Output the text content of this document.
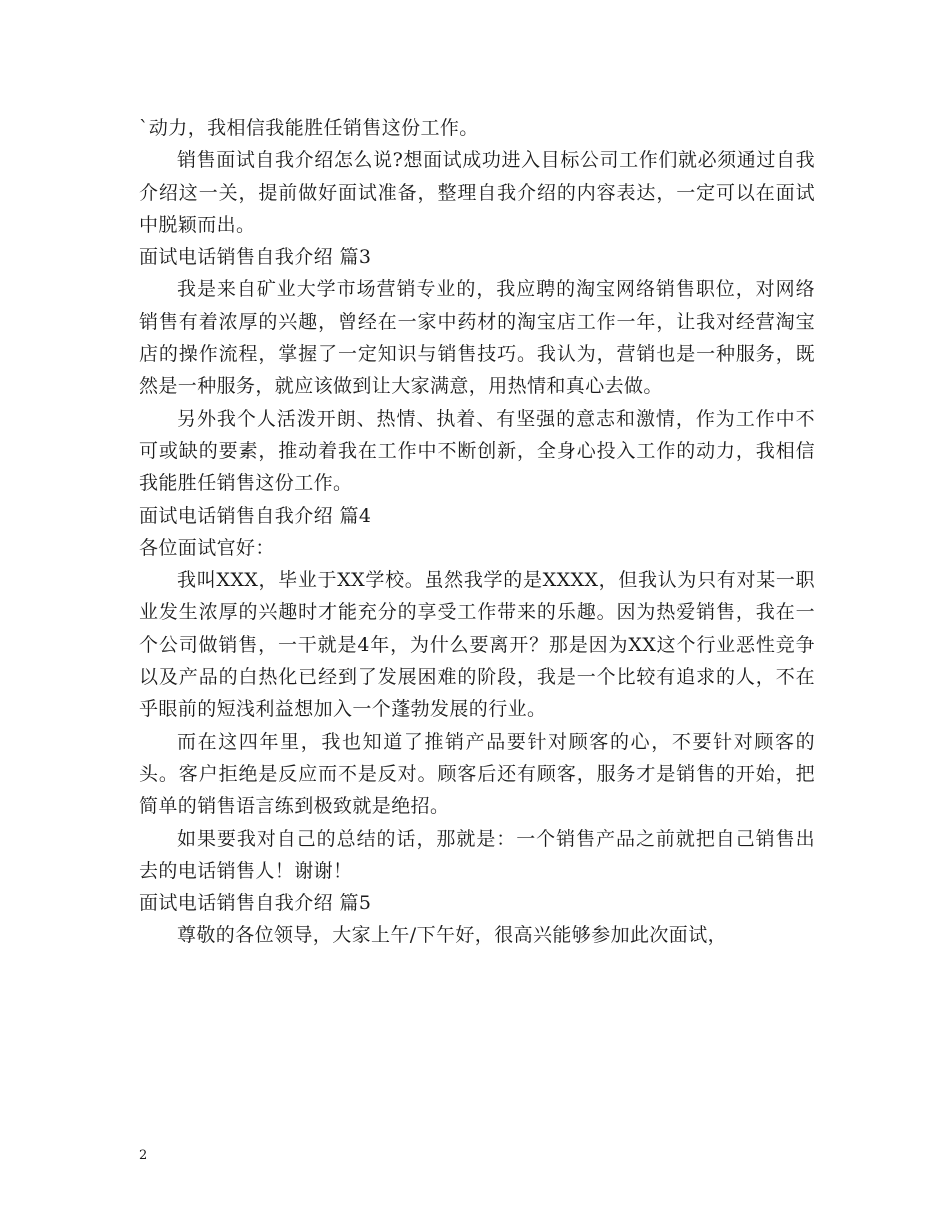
`动力，我相信我能胜任销售这份工作。

销售面试自我介绍怎么说?想面试成功进入目标公司工作们就必须通过自我介绍这一关，提前做好面试准备，整理自我介绍的内容表达，一定可以在面试中脱颖而出。

面试电话销售自我介绍 篇3

我是来自矿业大学市场营销专业的，我应聘的淘宝网络销售职位，对网络销售有着浓厚的兴趣，曾经在一家中药材的淘宝店工作一年，让我对经营淘宝店的操作流程，掌握了一定知识与销售技巧。我认为，营销也是一种服务，既然是一种服务，就应该做到让大家满意，用热情和真心去做。

另外我个人活泼开朗、热情、执着、有坚强的意志和激情，作为工作中不可或缺的要素，推动着我在工作中不断创新，全身心投入工作的动力，我相信我能胜任销售这份工作。

面试电话销售自我介绍 篇4

各位面试官好：

我叫XXX，毕业于XX学校。虽然我学的是XXXX，但我认为只有对某一职业发生浓厚的兴趣时才能充分的享受工作带来的乐趣。因为热爱销售，我在一个公司做销售，一干就是4年，为什么要离开？那是因为XX这个行业恶性竞争以及产品的白热化已经到了发展困难的阶段，我是一个比较有追求的人，不在乎眼前的短浅利益想加入一个蓬勃发展的行业。

而在这四年里，我也知道了推销产品要针对顾客的心，不要针对顾客的头。客户拒绝是反应而不是反对。顾客后还有顾客，服务才是销售的开始，把简单的销售语言练到极致就是绝招。

如果要我对自己的总结的话，那就是：一个销售产品之前就把自己销售出去的电话销售人！谢谢！

面试电话销售自我介绍 篇5

尊敬的各位领导，大家上午/下午好，很高兴能够参加此次面试，

2
